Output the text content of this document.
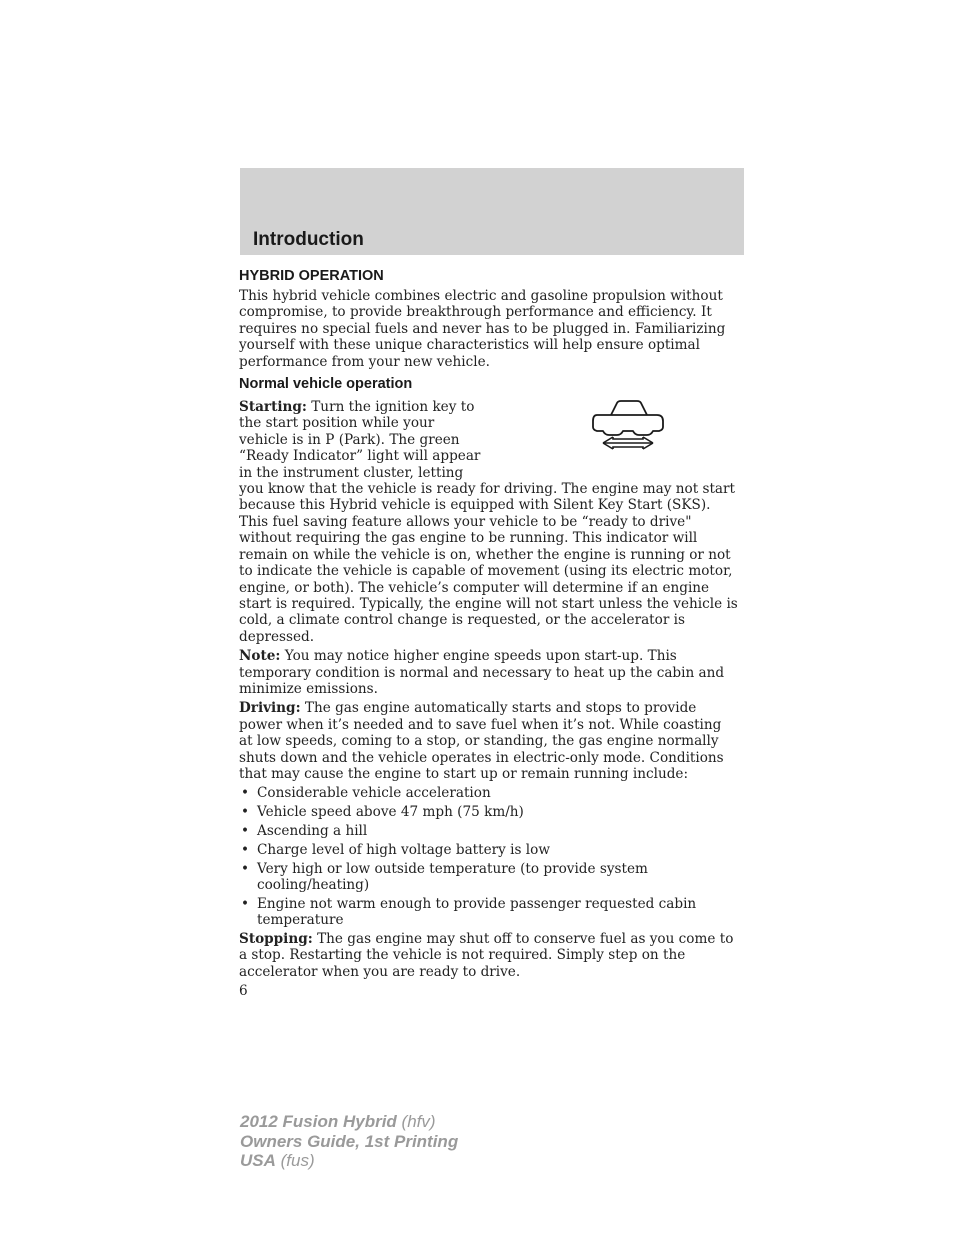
Introduction
HYBRID OPERATION

This hybrid vehicle combines electric and gasoline propulsion without compromise, to provide breakthrough performance and efficiency. It requires no special fuels and never has to be plugged in. Familiarizing yourself with these unique characteristics will help ensure optimal performance from your new vehicle.

Normal vehicle operation

Starting: Turn the ignition key to the start position while your vehicle is in P (Park). The green “Ready Indicator” light will appear in the instrument cluster, letting you know that the vehicle is ready for driving. The engine may not start because this Hybrid vehicle is equipped with Silent Key Start (SKS). This fuel saving feature allows your vehicle to be “ready to drive" without requiring the gas engine to be running. This indicator will remain on while the vehicle is on, whether the engine is running or not to indicate the vehicle is capable of movement (using its electric motor, engine, or both). The vehicle’s computer will determine if an engine start is required. Typically, the engine will not start unless the vehicle is cold, a climate control change is requested, or the accelerator is depressed.

Note: You may notice higher engine speeds upon start-up. This temporary condition is normal and necessary to heat up the cabin and minimize emissions.

Driving: The gas engine automatically starts and stops to provide power when it’s needed and to save fuel when it’s not. While coasting at low speeds, coming to a stop, or standing, the gas engine normally shuts down and the vehicle operates in electric-only mode. Conditions that may cause the engine to start up or remain running include:

• Considerable vehicle acceleration
• Vehicle speed above 47 mph (75 km/h)
• Ascending a hill
• Charge level of high voltage battery is low
• Very high or low outside temperature (to provide system cooling/heating)
• Engine not warm enough to provide passenger requested cabin temperature

Stopping: The gas engine may shut off to conserve fuel as you come to a stop. Restarting the vehicle is not required. Simply step on the accelerator when you are ready to drive.

6

2012 Fusion Hybrid (hfv)
Owners Guide, 1st Printing
USA (fus)
